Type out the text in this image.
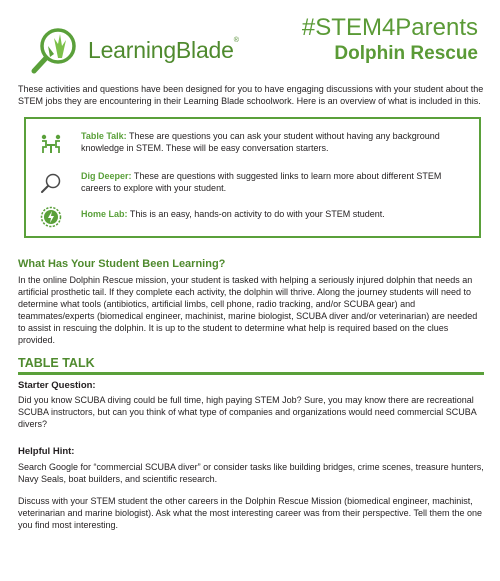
LearningBlade®	#STEM4Parents
Dolphin Rescue

These activities and questions have been designed for you to have engaging discussions with your student about the STEM jobs they are encountering in their Learning Blade schoolwork. Here is an overview of what is included in this.

Table Talk: These are questions you can ask your student without having any background knowledge in STEM. These will be easy conversation starters.
Dig Deeper: These are questions with suggested links to learn more about different STEM careers to explore with your student.
Home Lab: This is an easy, hands-on activity to do with your STEM student.
What Has Your Student Been Learning?

In the online Dolphin Rescue mission, your student is tasked with helping a seriously injured dolphin that needs an artificial prosthetic tail. If they complete each activity, the dolphin will thrive. Along the journey students will need to determine what tools (antibiotics, artificial limbs, cell phone, radio tracking, and/or SCUBA gear) and teammates/experts (biomedical engineer, machinist, marine biologist, SCUBA diver and/or veterinarian) are needed to assist in rescuing the dolphin. It is up to the student to determine what help is required based on the clues provided.

TABLE TALK
Starter Question:

Did you know SCUBA diving could be full time, high paying STEM Job? Sure, you may know there are recreational SCUBA instructors, but can you think of what type of companies and organizations would need commercial SCUBA divers?

Helpful Hint:

Search Google for “commercial SCUBA diver” or consider tasks like building bridges, crime scenes, treasure hunters, Navy Seals, boat builders, and scientific research.

Discuss with your STEM student the other careers in the Dolphin Rescue Mission (biomedical engineer, machinist, veterinarian and marine biologist). Ask what the most interesting career was from their perspective. Tell them the one you find most interesting.
